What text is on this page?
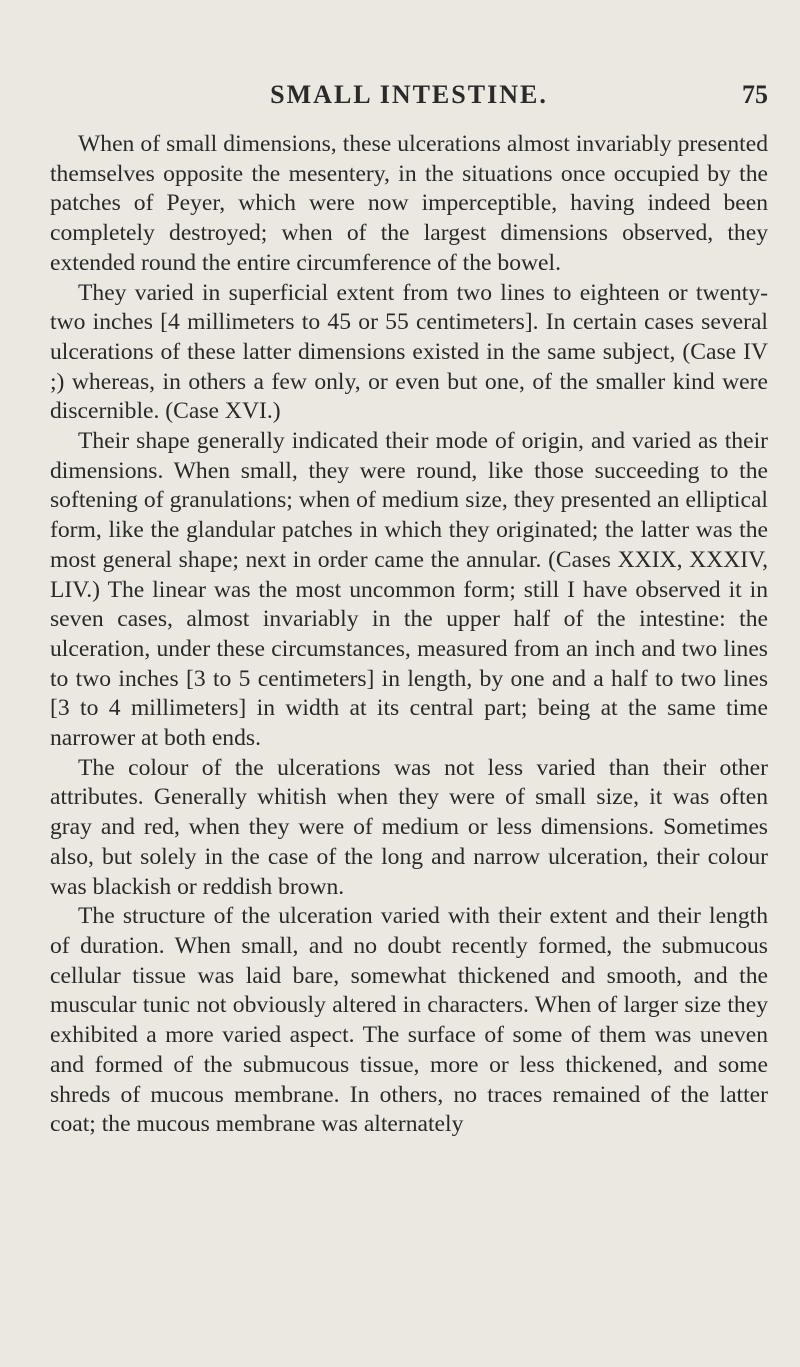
SMALL INTESTINE.	75

When of small dimensions, these ulcerations almost invariably presented themselves opposite the mesentery, in the situations once occupied by the patches of Peyer, which were now imperceptible, having indeed been completely destroyed; when of the largest dimensions observed, they extended round the entire circumference of the bowel.

They varied in superficial extent from two lines to eighteen or twenty-two inches [4 millimeters to 45 or 55 centimeters]. In certain cases several ulcerations of these latter dimensions existed in the same subject, (Case IV ;) whereas, in others a few only, or even but one, of the smaller kind were discernible. (Case XVI.)

Their shape generally indicated their mode of origin, and varied as their dimensions. When small, they were round, like those succeeding to the softening of granulations; when of medium size, they presented an elliptical form, like the glandular patches in which they originated; the latter was the most general shape; next in order came the annular. (Cases XXIX, XXXIV, LIV.) The linear was the most uncommon form; still I have observed it in seven cases, almost invariably in the upper half of the intestine: the ulceration, under these circumstances, measured from an inch and two lines to two inches [3 to 5 centimeters] in length, by one and a half to two lines [3 to 4 millimeters] in width at its central part; being at the same time narrower at both ends.

The colour of the ulcerations was not less varied than their other attributes. Generally whitish when they were of small size, it was often gray and red, when they were of medium or less dimensions. Sometimes also, but solely in the case of the long and narrow ulceration, their colour was blackish or reddish brown.

The structure of the ulceration varied with their extent and their length of duration. When small, and no doubt recently formed, the submucous cellular tissue was laid bare, somewhat thickened and smooth, and the muscular tunic not obviously altered in characters. When of larger size they exhibited a more varied aspect. The surface of some of them was uneven and formed of the submucous tissue, more or less thickened, and some shreds of mucous membrane. In others, no traces remained of the latter coat; the mucous membrane was alternately
